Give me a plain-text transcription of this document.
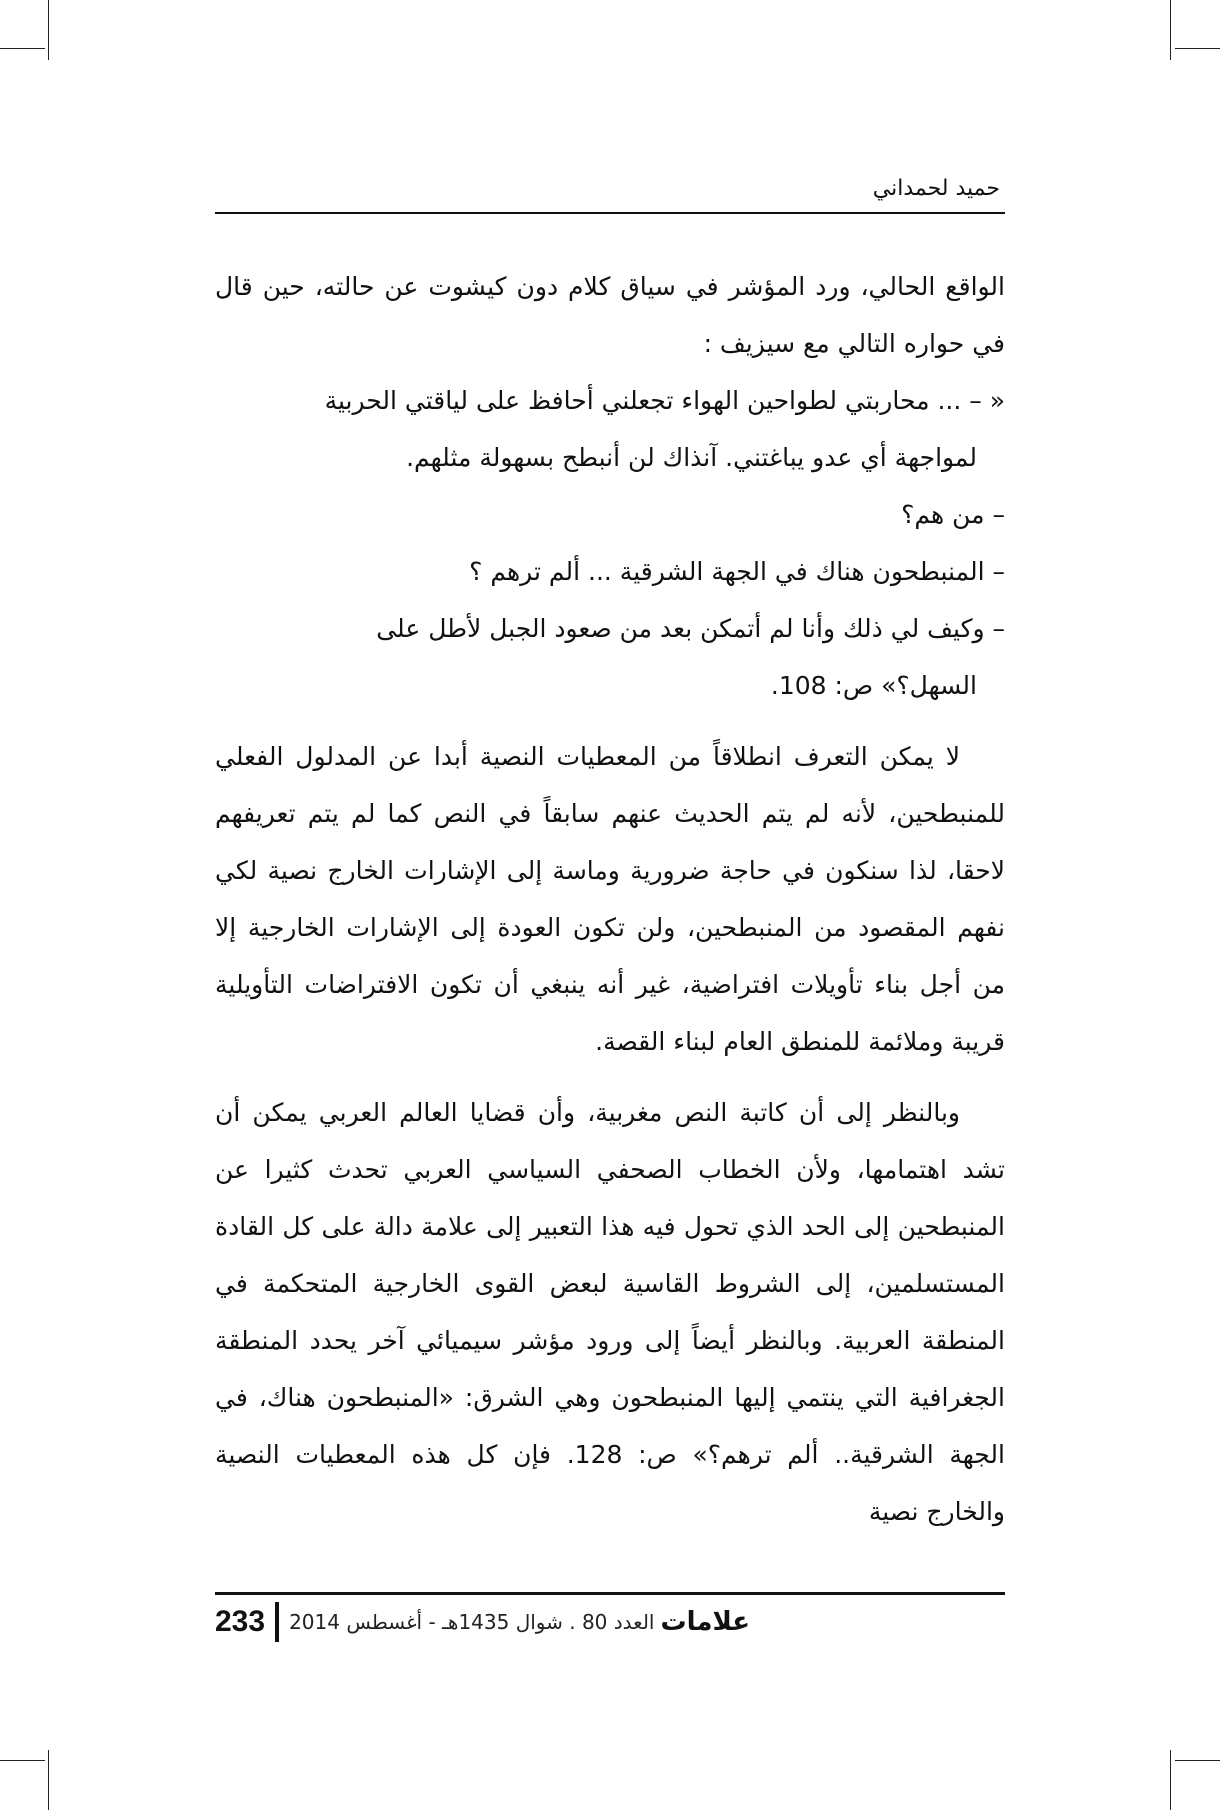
حميد لحمداني

الواقع الحالي، ورد المؤشر في سياق كلام دون كيشوت عن حالته، حين قال في حواره التالي مع سيزيف :

« – ... محاربتي لطواحين الهواء تجعلني أحافظ على لياقتي الحربية
لمواجهة أي عدو يباغتني. آنذاك لن أنبطح بسهولة مثلهم.
– من هم؟
– المنبطحون هناك في الجهة الشرقية ... ألم ترهم ؟
– وكيف لي ذلك وأنا لم أتمكن بعد من صعود الجبل لأطل على
السهل؟» ص: 108.

لا يمكن التعرف انطلاقاً من المعطيات النصية أبدا عن المدلول الفعلي للمنبطحين، لأنه لم يتم الحديث عنهم سابقاً في النص كما لم يتم تعريفهم لاحقا، لذا سنكون في حاجة ضرورية وماسة إلى الإشارات الخارج نصية لكي نفهم المقصود من المنبطحين، ولن تكون العودة إلى الإشارات الخارجية إلا من أجل بناء تأويلات افتراضية، غير أنه ينبغي أن تكون الافتراضات التأويلية قريبة وملائمة للمنطق العام لبناء القصة.

وبالنظر إلى أن كاتبة النص مغربية، وأن قضايا العالم العربي يمكن أن تشد اهتمامها، ولأن الخطاب الصحفي السياسي العربي تحدث كثيرا عن المنبطحين إلى الحد الذي تحول فيه هذا التعبير إلى علامة دالة على كل القادة المستسلمين، إلى الشروط القاسية لبعض القوى الخارجية المتحكمة في المنطقة العربية. وبالنظر أيضاً إلى ورود مؤشر سيميائي آخر يحدد المنطقة الجغرافية التي ينتمي إليها المنبطحون وهي الشرق: «المنبطحون هناك، في الجهة الشرقية.. ألم ترهم؟» ص: 128. فإن كل هذه المعطيات النصية والخارج نصية

233	العدد 80 . شوال 1435هـ - أغسطس 2014 علامات
